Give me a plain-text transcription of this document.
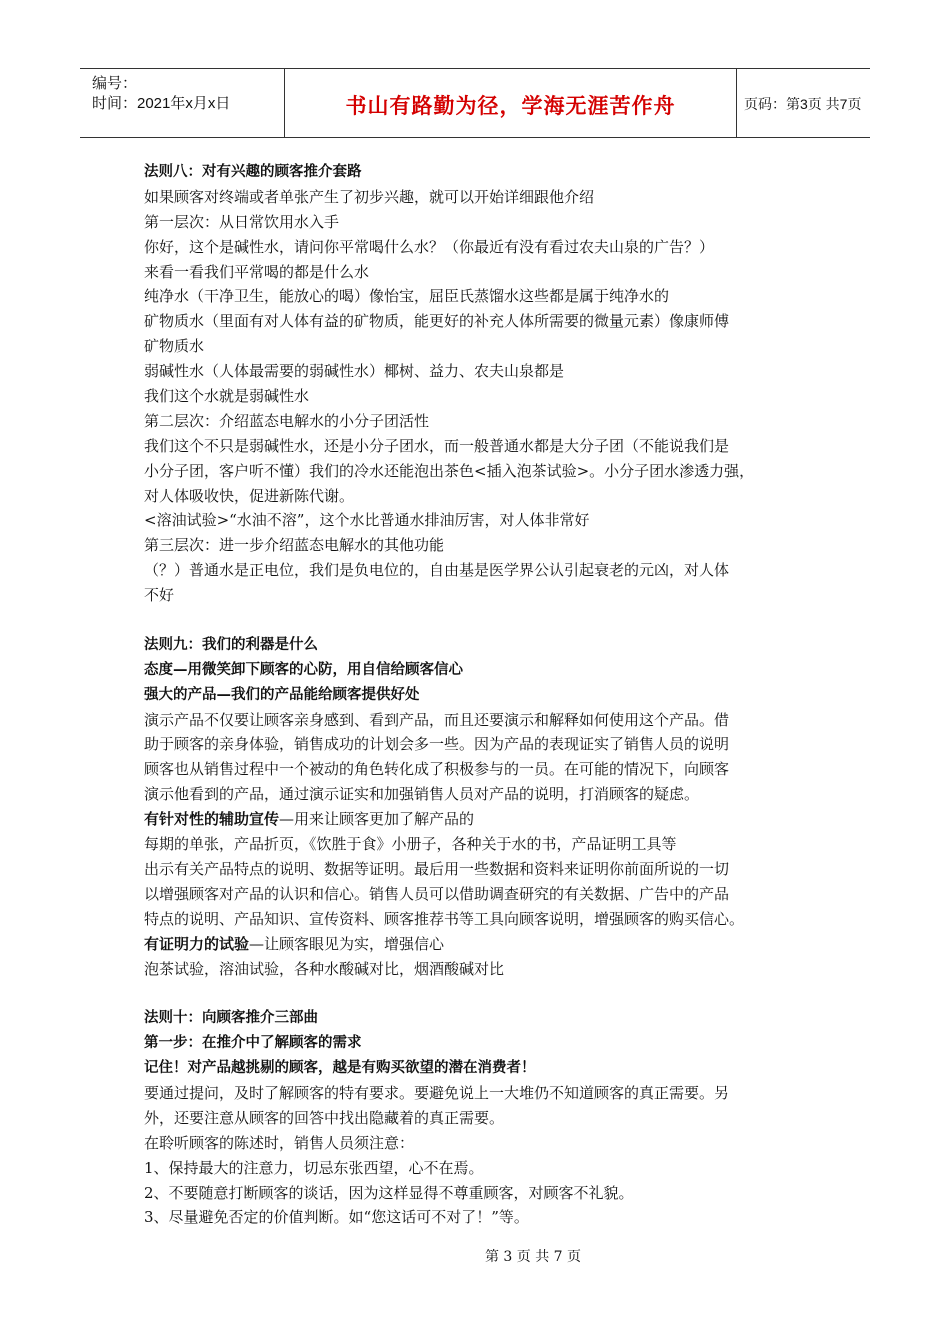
编号：
时间：2021年x月x日	书山有路勤为径，学海无涯苦作舟	页码：第3页 共7页

法则八：对有兴趣的顾客推介套路

如果顾客对终端或者单张产生了初步兴趣，就可以开始详细跟他介绍

第一层次：从日常饮用水入手

你好，这个是碱性水，请问你平常喝什么水？（你最近有没有看过农夫山泉的广告？）

来看一看我们平常喝的都是什么水

纯净水（干净卫生，能放心的喝）像怡宝，屈臣氏蒸馏水这些都是属于纯净水的

矿物质水（里面有对人体有益的矿物质，能更好的补充人体所需要的微量元素）像康师傅

矿物质水

弱碱性水（人体最需要的弱碱性水）椰树、益力、农夫山泉都是

我们这个水就是弱碱性水

第二层次：介绍蓝态电解水的小分子团活性

我们这个不只是弱碱性水，还是小分子团水，而一般普通水都是大分子团（不能说我们是

小分子团，客户听不懂）我们的冷水还能泡出茶色<插入泡茶试验>。小分子团水渗透力强，

对人体吸收快，促进新陈代谢。

<溶油试验>“水油不溶”，这个水比普通水排油厉害，对人体非常好

第三层次：进一步介绍蓝态电解水的其他功能

（？）普通水是正电位，我们是负电位的，自由基是医学界公认引起衰老的元凶，对人体

不好

法则九：我们的利器是什么

态度—用微笑卸下顾客的心防，用自信给顾客信心

强大的产品—我们的产品能给顾客提供好处

演示产品不仅要让顾客亲身感到、看到产品，而且还要演示和解释如何使用这个产品。借

助于顾客的亲身体验，销售成功的计划会多一些。因为产品的表现证实了销售人员的说明

顾客也从销售过程中一个被动的角色转化成了积极参与的一员。在可能的情况下，向顾客

演示他看到的产品，通过演示证实和加强销售人员对产品的说明，打消顾客的疑虑。

有针对性的辅助宣传—用来让顾客更加了解产品的

每期的单张，产品折页，《饮胜于食》小册子，各种关于水的书，产品证明工具等

出示有关产品特点的说明、数据等证明。最后用一些数据和资料来证明你前面所说的一切

以增强顾客对产品的认识和信心。销售人员可以借助调查研究的有关数据、广告中的产品

特点的说明、产品知识、宣传资料、顾客推荐书等工具向顾客说明，增强顾客的购买信心。

有证明力的试验—让顾客眼见为实，增强信心

泡茶试验，溶油试验，各种水酸碱对比，烟酒酸碱对比

法则十：向顾客推介三部曲

第一步：在推介中了解顾客的需求

记住！对产品越挑剔的顾客，越是有购买欲望的潜在消费者！

要通过提问，及时了解顾客的特有要求。要避免说上一大堆仍不知道顾客的真正需要。另

外，还要注意从顾客的回答中找出隐藏着的真正需要。

在聆听顾客的陈述时，销售人员须注意：

1、保持最大的注意力，切忌东张西望，心不在焉。

2、不要随意打断顾客的谈话，因为这样显得不尊重顾客，对顾客不礼貌。

3、尽量避免否定的价值判断。如“您这话可不对了！”等。

第 3 页 共 7 页
